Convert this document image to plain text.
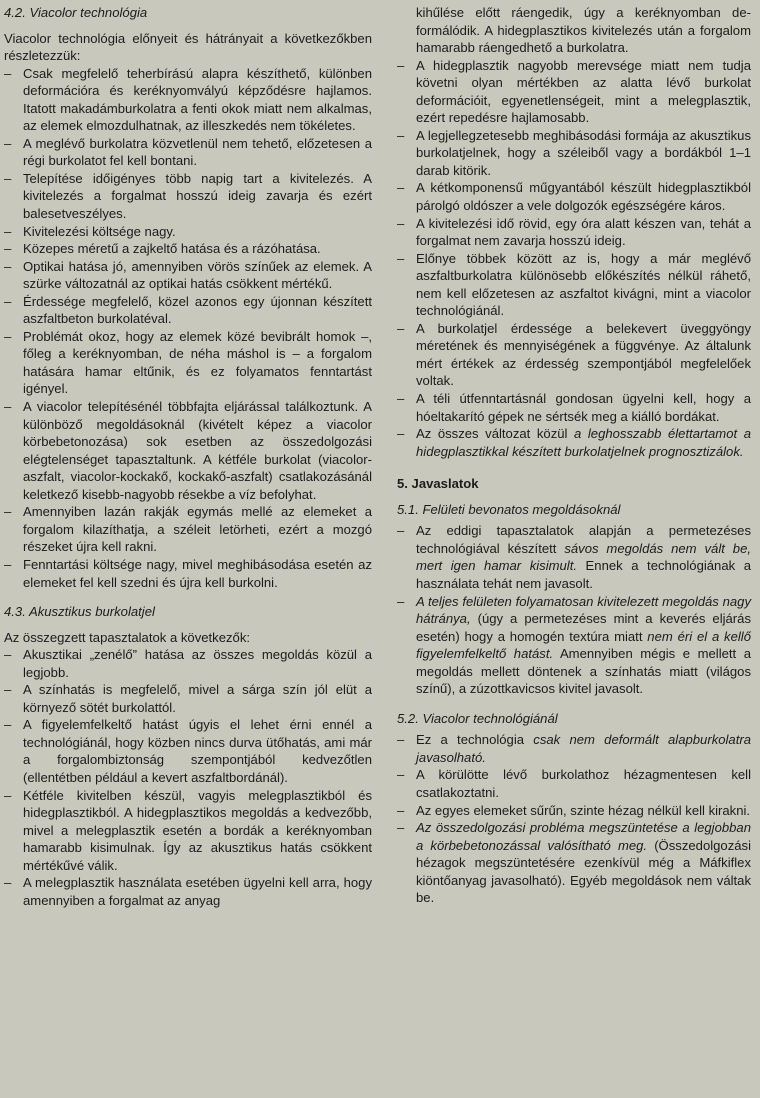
4.2. Viacolor technológia
Viacolor technológia előnyeit és hátrányait a következőkben részletezzük:
– Csak megfelelő teherbírású alapra készíthető, különben deformációra és keréknyomvályú képződésre hajlamos. Itatott makadámburkolatra a fenti okok miatt nem alkalmas, az elemek elmozdulhatnak, az illeszkedés nem tökéletes.
– A meglévő burkolatra közvetlenül nem tehető, előzetesen a régi burkolatot fel kell bontani.
– Telepítése időigényes több napig tart a kivitelezés. A kivitelezés a forgalmat hosszú ideig zavarja és ezért balesetveszélyes.
– Kivitelezési költsége nagy.
– Közepes méretű a zajkeltő hatása és a rázóhatása.
– Optikai hatása jó, amennyiben vörös színűek az elemek. A szürke változatnál az optikai hatás csökkent mértékű.
– Érdessége megfelelő, közel azonos egy újonnan készített aszfaltbeton burkolatéval.
– Problémát okoz, hogy az elemek közé bevibrált homok –, főleg a keréknyomban, de néha máshol is – a forgalom hatására hamar eltűnik, és ez folyamatos fenntartást igényel.
– A viacolor telepítésénél többfajta eljárással találkoztunk. A különböző megoldásoknál (kivételt képez a viacolor körbebetonozása) sok esetben az összedolgozási elégtelenséget tapasztaltunk. A kétféle burkolat (viacolor-aszfalt, viacolor-kockakő, kockakő-aszfalt) csatlakozásánál keletkező kisebb-nagyobb résekbe a víz befolyhat.
– Amennyiben lazán rakják egymás mellé az elemeket a forgalom kilazíthatja, a széleit letörheti, ezért a mozgó részeket újra kell rakni.
– Fenntartási költsége nagy, mivel meghibásodása esetén az elemeket fel kell szedni és újra kell burkolni.
4.3. Akusztikus burkolatjel
Az összegzett tapasztalatok a következők:
– Akusztikai „zenélő” hatása az összes megoldás közül a legjobb.
– A színhatás is megfelelő, mivel a sárga szín jól elüt a környező sötét burkolattól.
– A figyelemfelkeltő hatást úgyis el lehet érni ennél a technológiánál, hogy közben nincs durva ütőhatás, ami már a forgalombiztonság szempontjából kedvezőtlen (ellentétben például a kevert aszfaltbordánál).
– Kétféle kivitelben készül, vagyis melegplasztikból és hidegplasztikból. A hidegplasztikos megoldás a kedvezőbb, mivel a melegplasztik esetén a bordák a keréknyomban hamarabb kisimulnak. Így az akusztikus hatás csökkent mértékűvé válik.
– A melegplasztik használata esetében ügyelni kell arra, hogy amennyiben a forgalmat az anyag
kihűlése előtt ráengedik, úgy a keréknyomban deformálódik. A hidegplasztikos kivitelezés után a forgalom hamarabb ráengedhető a burkolatra.
– A hidegplasztik nagyobb merevsége miatt nem tudja követni olyan mértékben az alatta lévő burkolat deformációit, egyenetlenségeit, mint a melegplasztik, ezért repedésre hajlamosabb.
– A legjellegzetesebb meghibásodási formája az akusztikus burkolatjelnek, hogy a széleiből vagy a bordákból 1–1 darab kitörik.
– A kétkomponensű műgyantából készült hidegplasztikból párolgó oldószer a vele dolgozók egészségére káros.
– A kivitelezési idő rövid, egy óra alatt készen van, tehát a forgalmat nem zavarja hosszú ideig.
– Előnye többek között az is, hogy a már meglévő aszfaltburkolatra különösebb előkészítés nélkül ráhető, nem kell előzetesen az aszfaltot kivágni, mint a viacolor technológiánál.
– A burkolatjel érdessége a belekevert üveggyöngy méretének és mennyiségének a függvénye. Az általunk mért értékek az érdesség szempontjából megfelelőek voltak.
– A téli útfenntartásnál gondosan ügyelni kell, hogy a hóeltakarító gépek ne sértsék meg a kiálló bordákat.
– Az összes változat közül a leghosszabb élettartamot a hidegplasztikkal készített burkolatjelnek prognosztizálok.
5. Javaslatok
5.1. Felületi bevonatos megoldásoknál
– Az eddigi tapasztalatok alapján a permetezéses technológiával készített sávos megoldás nem vált be, mert igen hamar kisimult. Ennek a technológiának a használata tehát nem javasolt.
– A teljes felületen folyamatosan kivitelezett megoldás nagy hátránya, (úgy a permetezéses mint a keverés eljárás esetén) hogy a homogén textúra miatt nem éri el a kellő figyelemfelkeltő hatást. Amennyiben mégis e mellett a megoldás mellett döntenek a színhatás miatt (világos színű), a zúzottkavicsos kivitel javasolt.
5.2. Viacolor technológiánál
– Ez a technológia csak nem deformált alapburkolatra javasolható.
– A körülötte lévő burkolathoz hézagmentesen kell csatlakoztatni.
– Az egyes elemeket sűrűn, szinte hézag nélkül kell kirakni.
– Az összedolgozási probléma megszüntetése a legjobban a körbebetonozással valósítható meg. (Összedolgozási hézagok megszüntetésére ezenkívül még a Máfkiflex kiöntőanyag javasolható). Egyéb megoldások nem váltak be.
